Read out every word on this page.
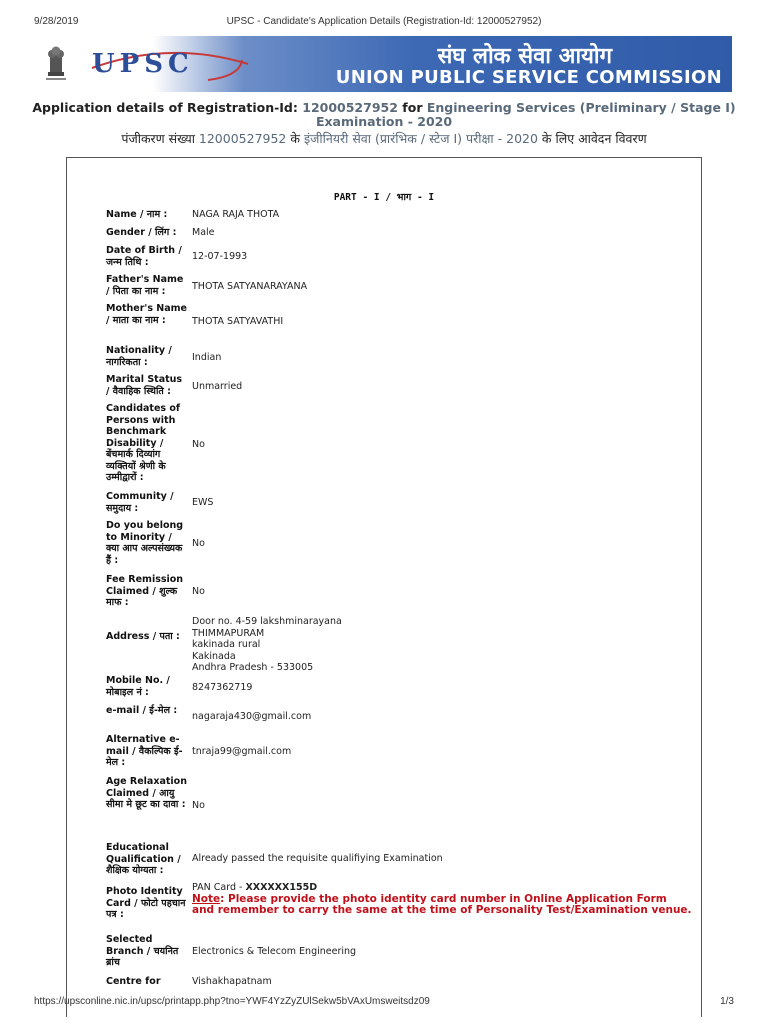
9/28/2019	UPSC - Candidate's Application Details (Registration-Id: 12000527952)
UPSC	संघ लोक सेवा आयोग
UNION PUBLIC SERVICE COMMISSION
Application details of Registration-Id: 12000527952 for Engineering Services (Preliminary / Stage I) Examination - 2020
पंजीकरण संख्या 12000527952 के इंजीनियरी सेवा (प्रारंभिक / स्टेज I) परीक्षा - 2020 के लिए आवेदन विवरण
PART - I / भाग - I
Name / नाम :	NAGA RAJA THOTA
Gender / लिंग :	Male
Date of Birth / जन्म तिथि :	12-07-1993
Father's Name / पिता का नाम :	THOTA SATYANARAYANA
Mother's Name / माता का नाम :	THOTA SATYAVATHI
Nationality / नागरिकता :	Indian
Marital Status / वैवाहिक स्थिति :	Unmarried
Candidates of Persons with Benchmark Disability / बेंचमार्क दिव्यांग व्यक्तियों श्रेणी के उम्मीद्वारों :
No
Community / समुदाय :	EWS
Do you belong to Minority / क्या आप अल्पसंख्यक हैं :
No
Fee Remission Claimed / शुल्क माफ :
No
Address / पता :
Door no. 4-59 lakshminarayana
THIMMAPURAM
kakinada rural
Kakinada
Andhra Pradesh - 533005
Mobile No. / मोबाइल नं :	8247362719
e-mail / ई-मेल :
nagaraja430@gmail.com
Alternative e-mail / वैकल्पिक ई-मेल :
tnraja99@gmail.com
Age Relaxation Claimed / आयु सीमा मे छूट का दावा : No
Educational Qualification / शैक्षिक योग्यता :
Already passed the requisite qualifiying Examination
Photo Identity Card / फोटो पहचान पत्र :
PAN Card - XXXXXX155D
Note: Please provide the photo identity card number in Online Application Form and remember to carry the same at the time of Personality Test/Examination venue.
Selected Branch / चयनित ब्रांच
Electronics & Telecom Engineering
Centre for	Vishakhapatnam
https://upsconline.nic.in/upsc/printapp.php?tno=YWF4YzZyZUlSekw5bVAxUmsweitsdz09	1/3
